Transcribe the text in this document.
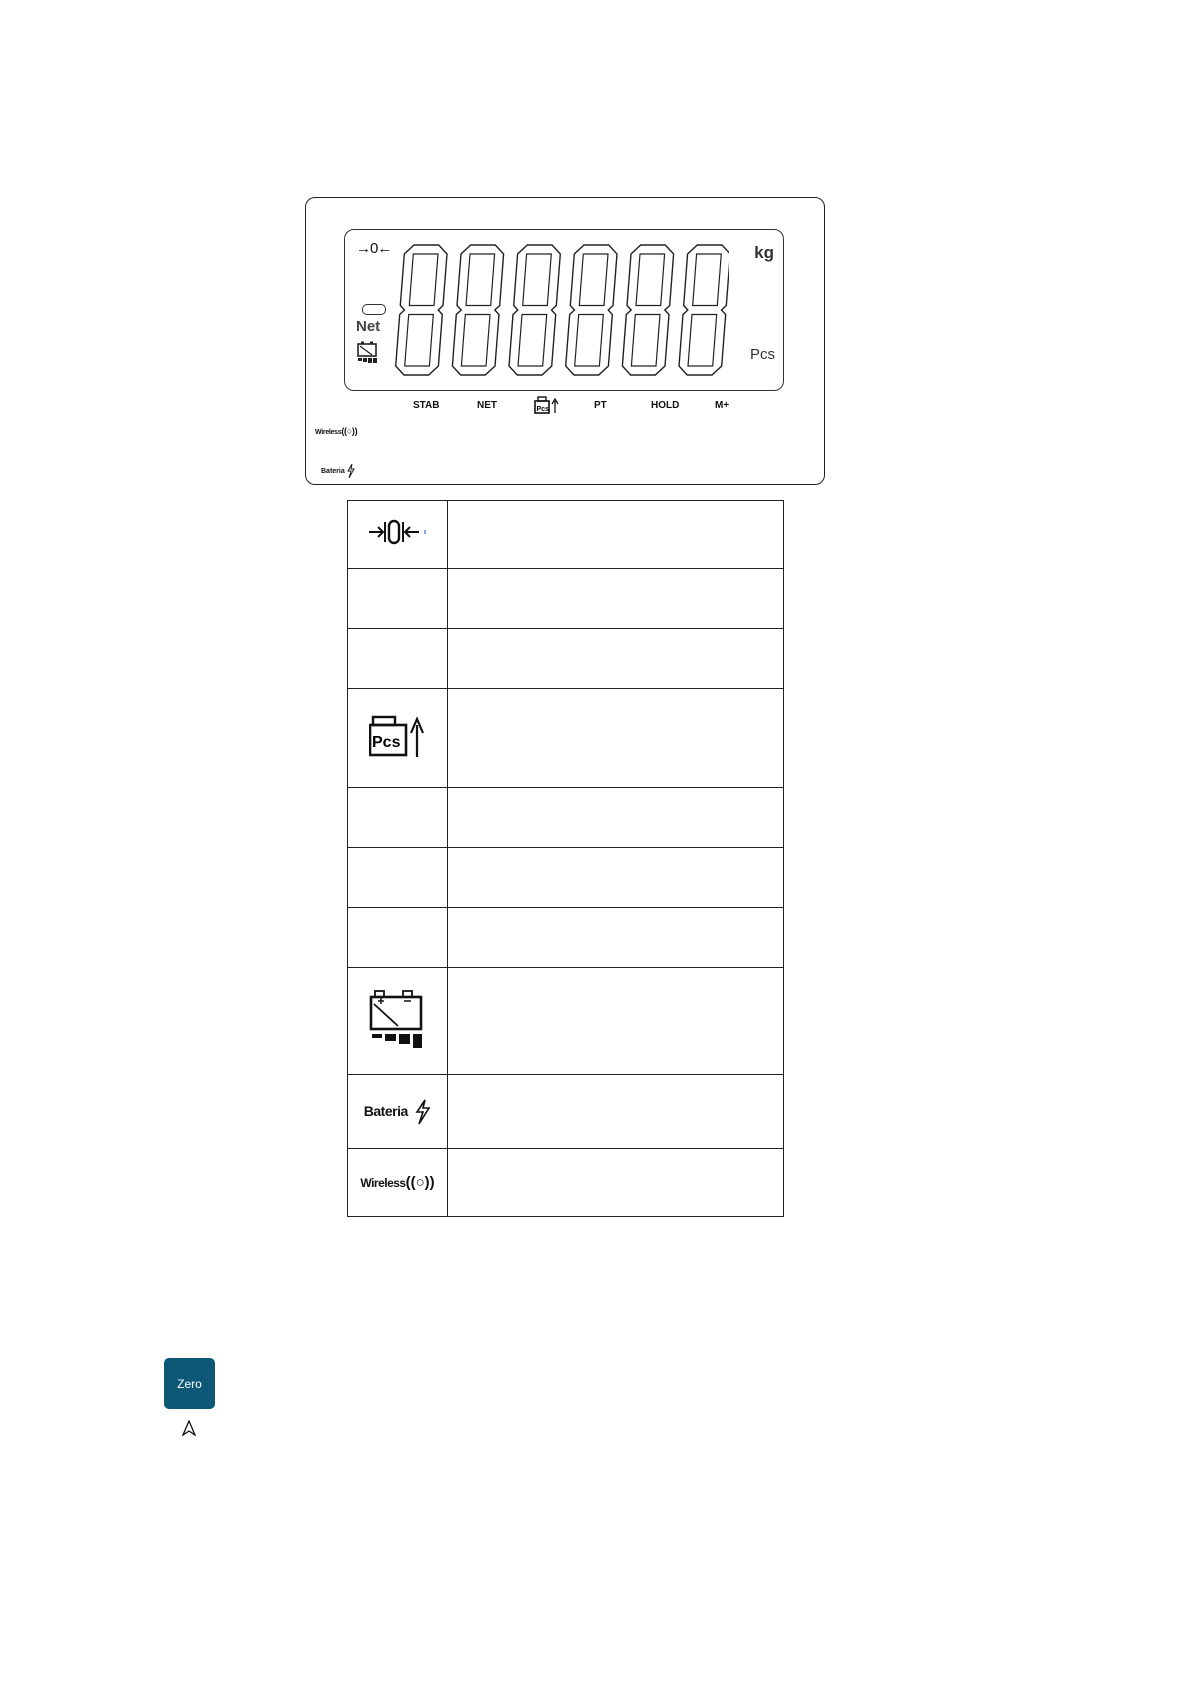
→0←
Net
kg
Pcs
STAB	NET	Pcs	PT	HOLD	M+
Wireless((○))
Bateria

Pcs	

Bateria	
Wireless((○))	
Zero
